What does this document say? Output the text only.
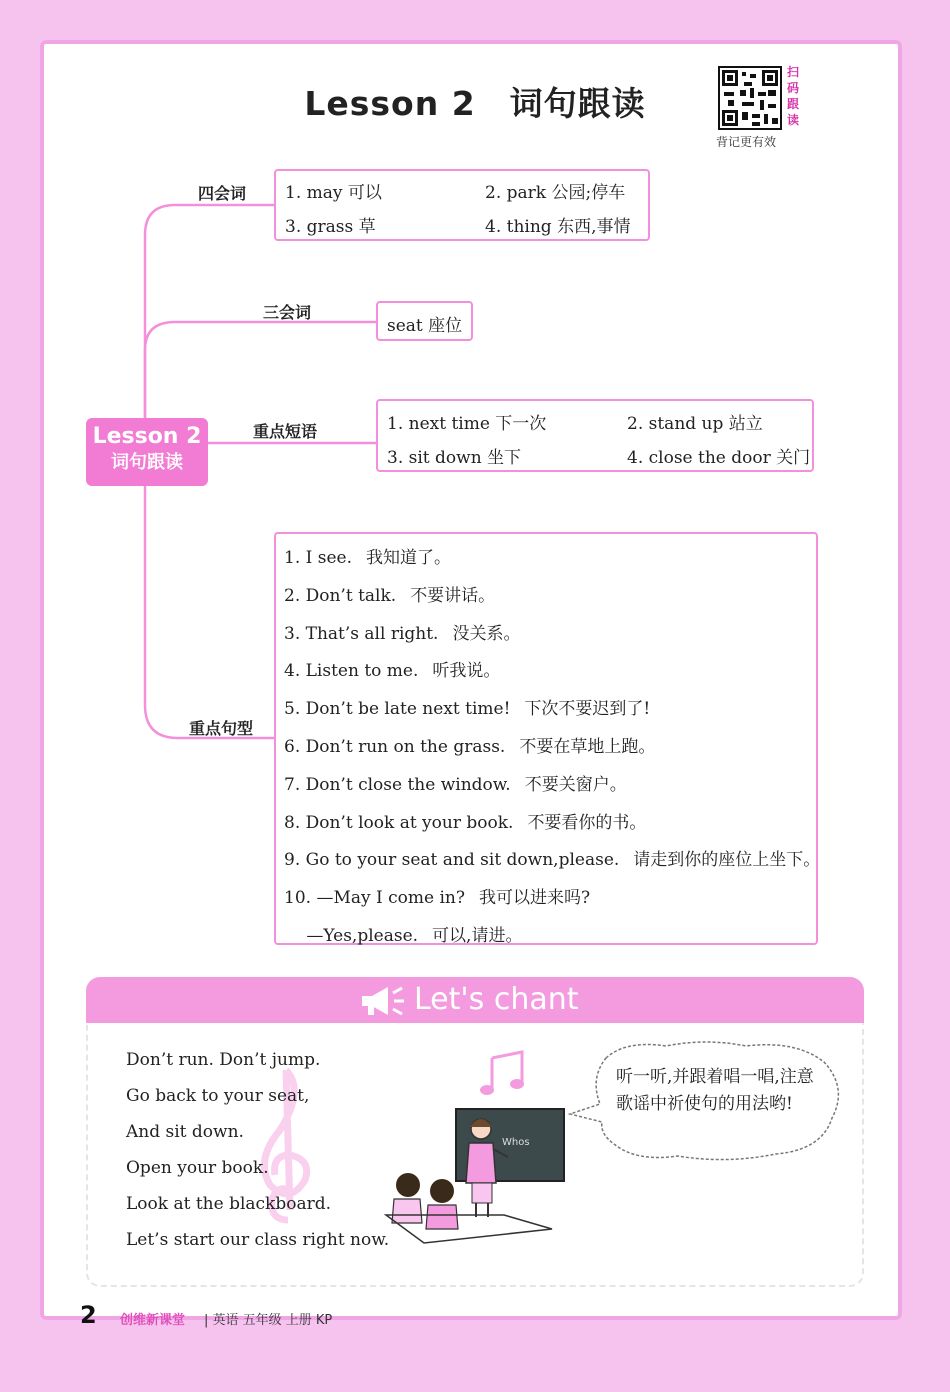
Lesson 2　词句跟读
扫
码
跟
读
背记更有效
Lesson 2
词句跟读
四会词 1. may 可以	2. park 公园;停车
3. grass 草	4. thing 东西,事情
三会词
seat 座位
重点短语	1. next time 下一次	2. stand up 站立
3. sit down 坐下	4. close the door 关门
重点句型
1. I see. 我知道了。
2. Don’t talk. 不要讲话。
3. That’s all right. 没关系。
4. Listen to me. 听我说。
5. Don’t be late next time! 下次不要迟到了!
6. Don’t run on the grass. 不要在草地上跑。
7. Don’t close the window. 不要关窗户。
8. Don’t look at your book. 不要看你的书。
9. Go to your seat and sit down,please. 请走到你的座位上坐下。
10. —May I come in? 我可以进来吗?
　 —Yes,please. 可以,请进。
Let's chant
Don’t run. Don’t jump.
Go back to your seat,
And sit down.
Open your book.
Look at the blackboard.
Let’s start our class right now.
Whos
听一听,并跟着唱一唱,注意歌谣中祈使句的用法哟!
2 创维新课堂 | 英语 五年级 上册 KP
